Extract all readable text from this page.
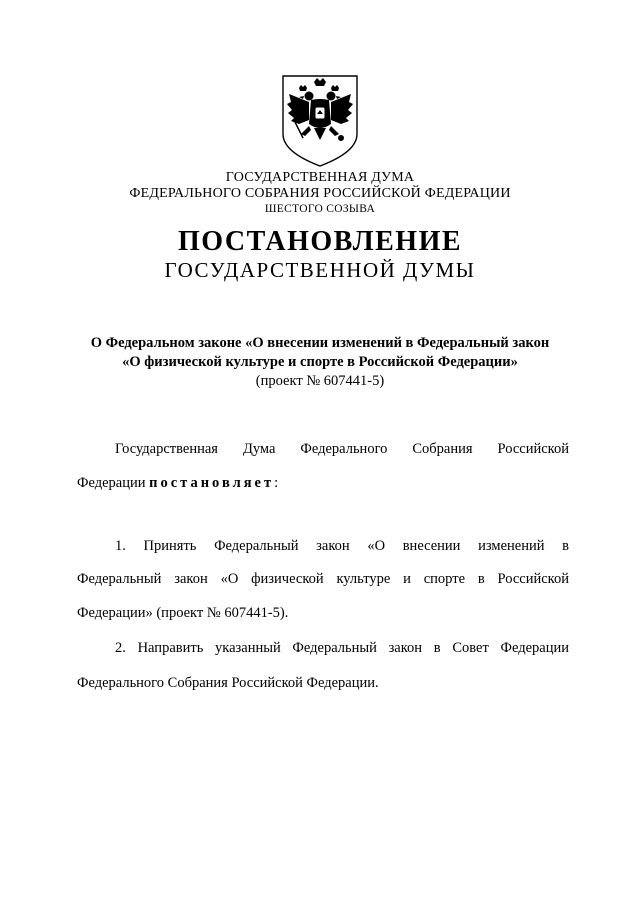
ГОСУДАРСТВЕННАЯ ДУМА
ФЕДЕРАЛЬНОГО СОБРАНИЯ РОССИЙСКОЙ ФЕДЕРАЦИИ
ШЕСТОГО СОЗЫВА
ПОСТАНОВЛЕНИЕ
ГОСУДАРСТВЕННОЙ ДУМЫ
О Федеральном законе «О внесении изменений в Федеральный закон
«О физической культуре и спорте в Российской Федерации»
(проект № 607441-5)
Государственная Дума Федерального Собрания Российской
Федерации постановляет:
1. Принять Федеральный закон «О внесении изменений в
Федеральный закон «О физической культуре и спорте в Российской
Федерации» (проект № 607441-5).
2. Направить указанный Федеральный закон в Совет Федерации
Федерального Собрания Российской Федерации.
